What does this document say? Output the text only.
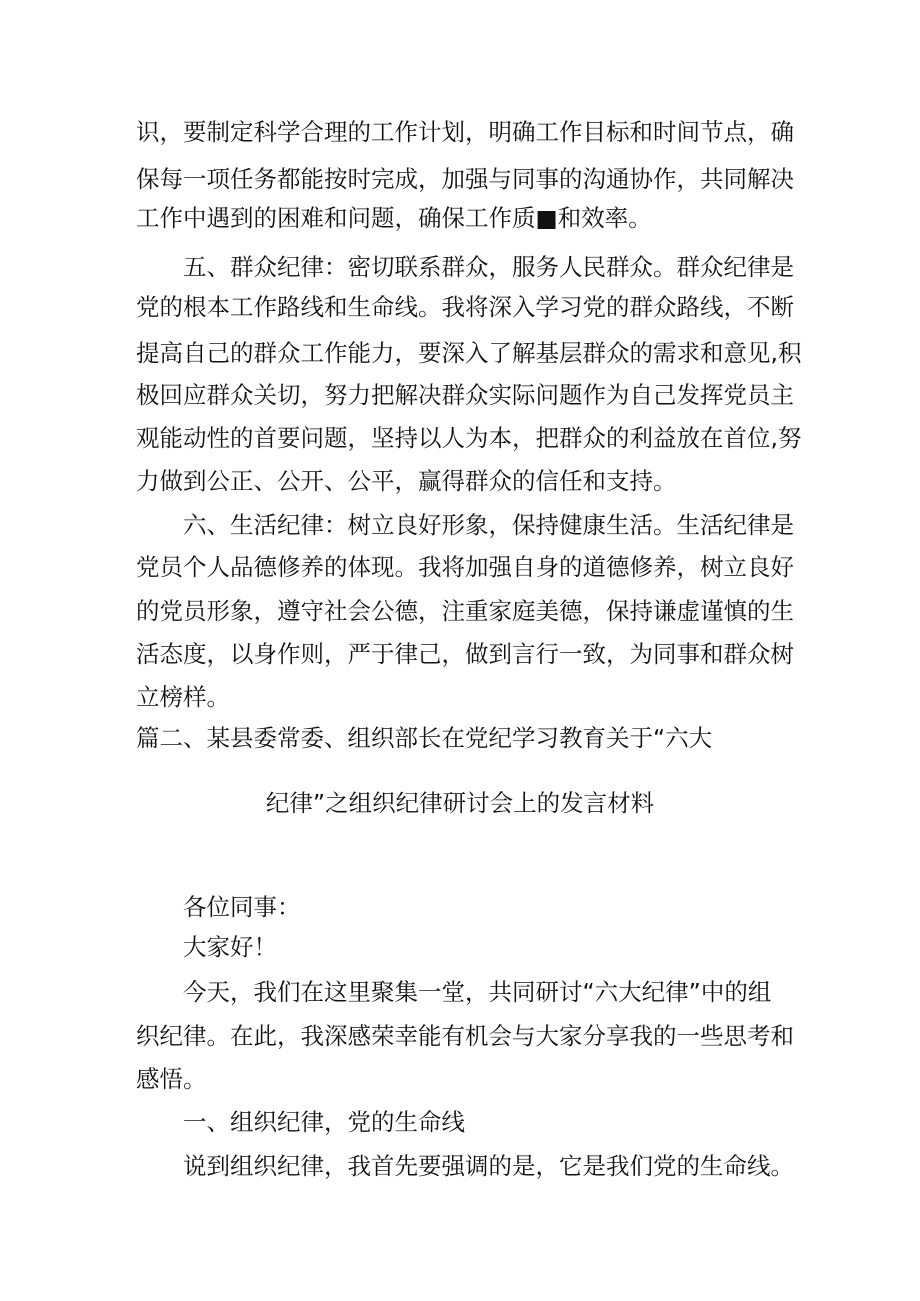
识，要制定科学合理的工作计划，明确工作目标和时间节点，确
保每一项任务都能按时完成，加强与同事的沟通协作，共同解决
工作中遇到的困难和问题，确保工作质■和效率。
五、群众纪律：密切联系群众，服务人民群众。群众纪律是
党的根本工作路线和生命线。我将深入学习党的群众路线，不断
提高自己的群众工作能力，要深入了解基层群众的需求和意见,积
极回应群众关切，努力把解决群众实际问题作为自己发挥党员主
观能动性的首要问题，坚持以人为本，把群众的利益放在首位,努
力做到公正、公开、公平，赢得群众的信任和支持。
六、生活纪律：树立良好形象，保持健康生活。生活纪律是
党员个人品德修养的体现。我将加强自身的道德修养，树立良好
的党员形象，遵守社会公德，注重家庭美德，保持谦虚谨慎的生
活态度，以身作则，严于律己，做到言行一致，为同事和群众树
立榜样。
篇二、某县委常委、组织部长在党纪学习教育关于“六大
纪律”之组织纪律研讨会上的发言材料
各位同事：
大家好！
今天，我们在这里聚集一堂，共同研讨“六大纪律”中的组
织纪律。在此，我深感荣幸能有机会与大家分享我的一些思考和
感悟。
一、组织纪律，党的生命线
说到组织纪律，我首先要强调的是，它是我们党的生命线。
